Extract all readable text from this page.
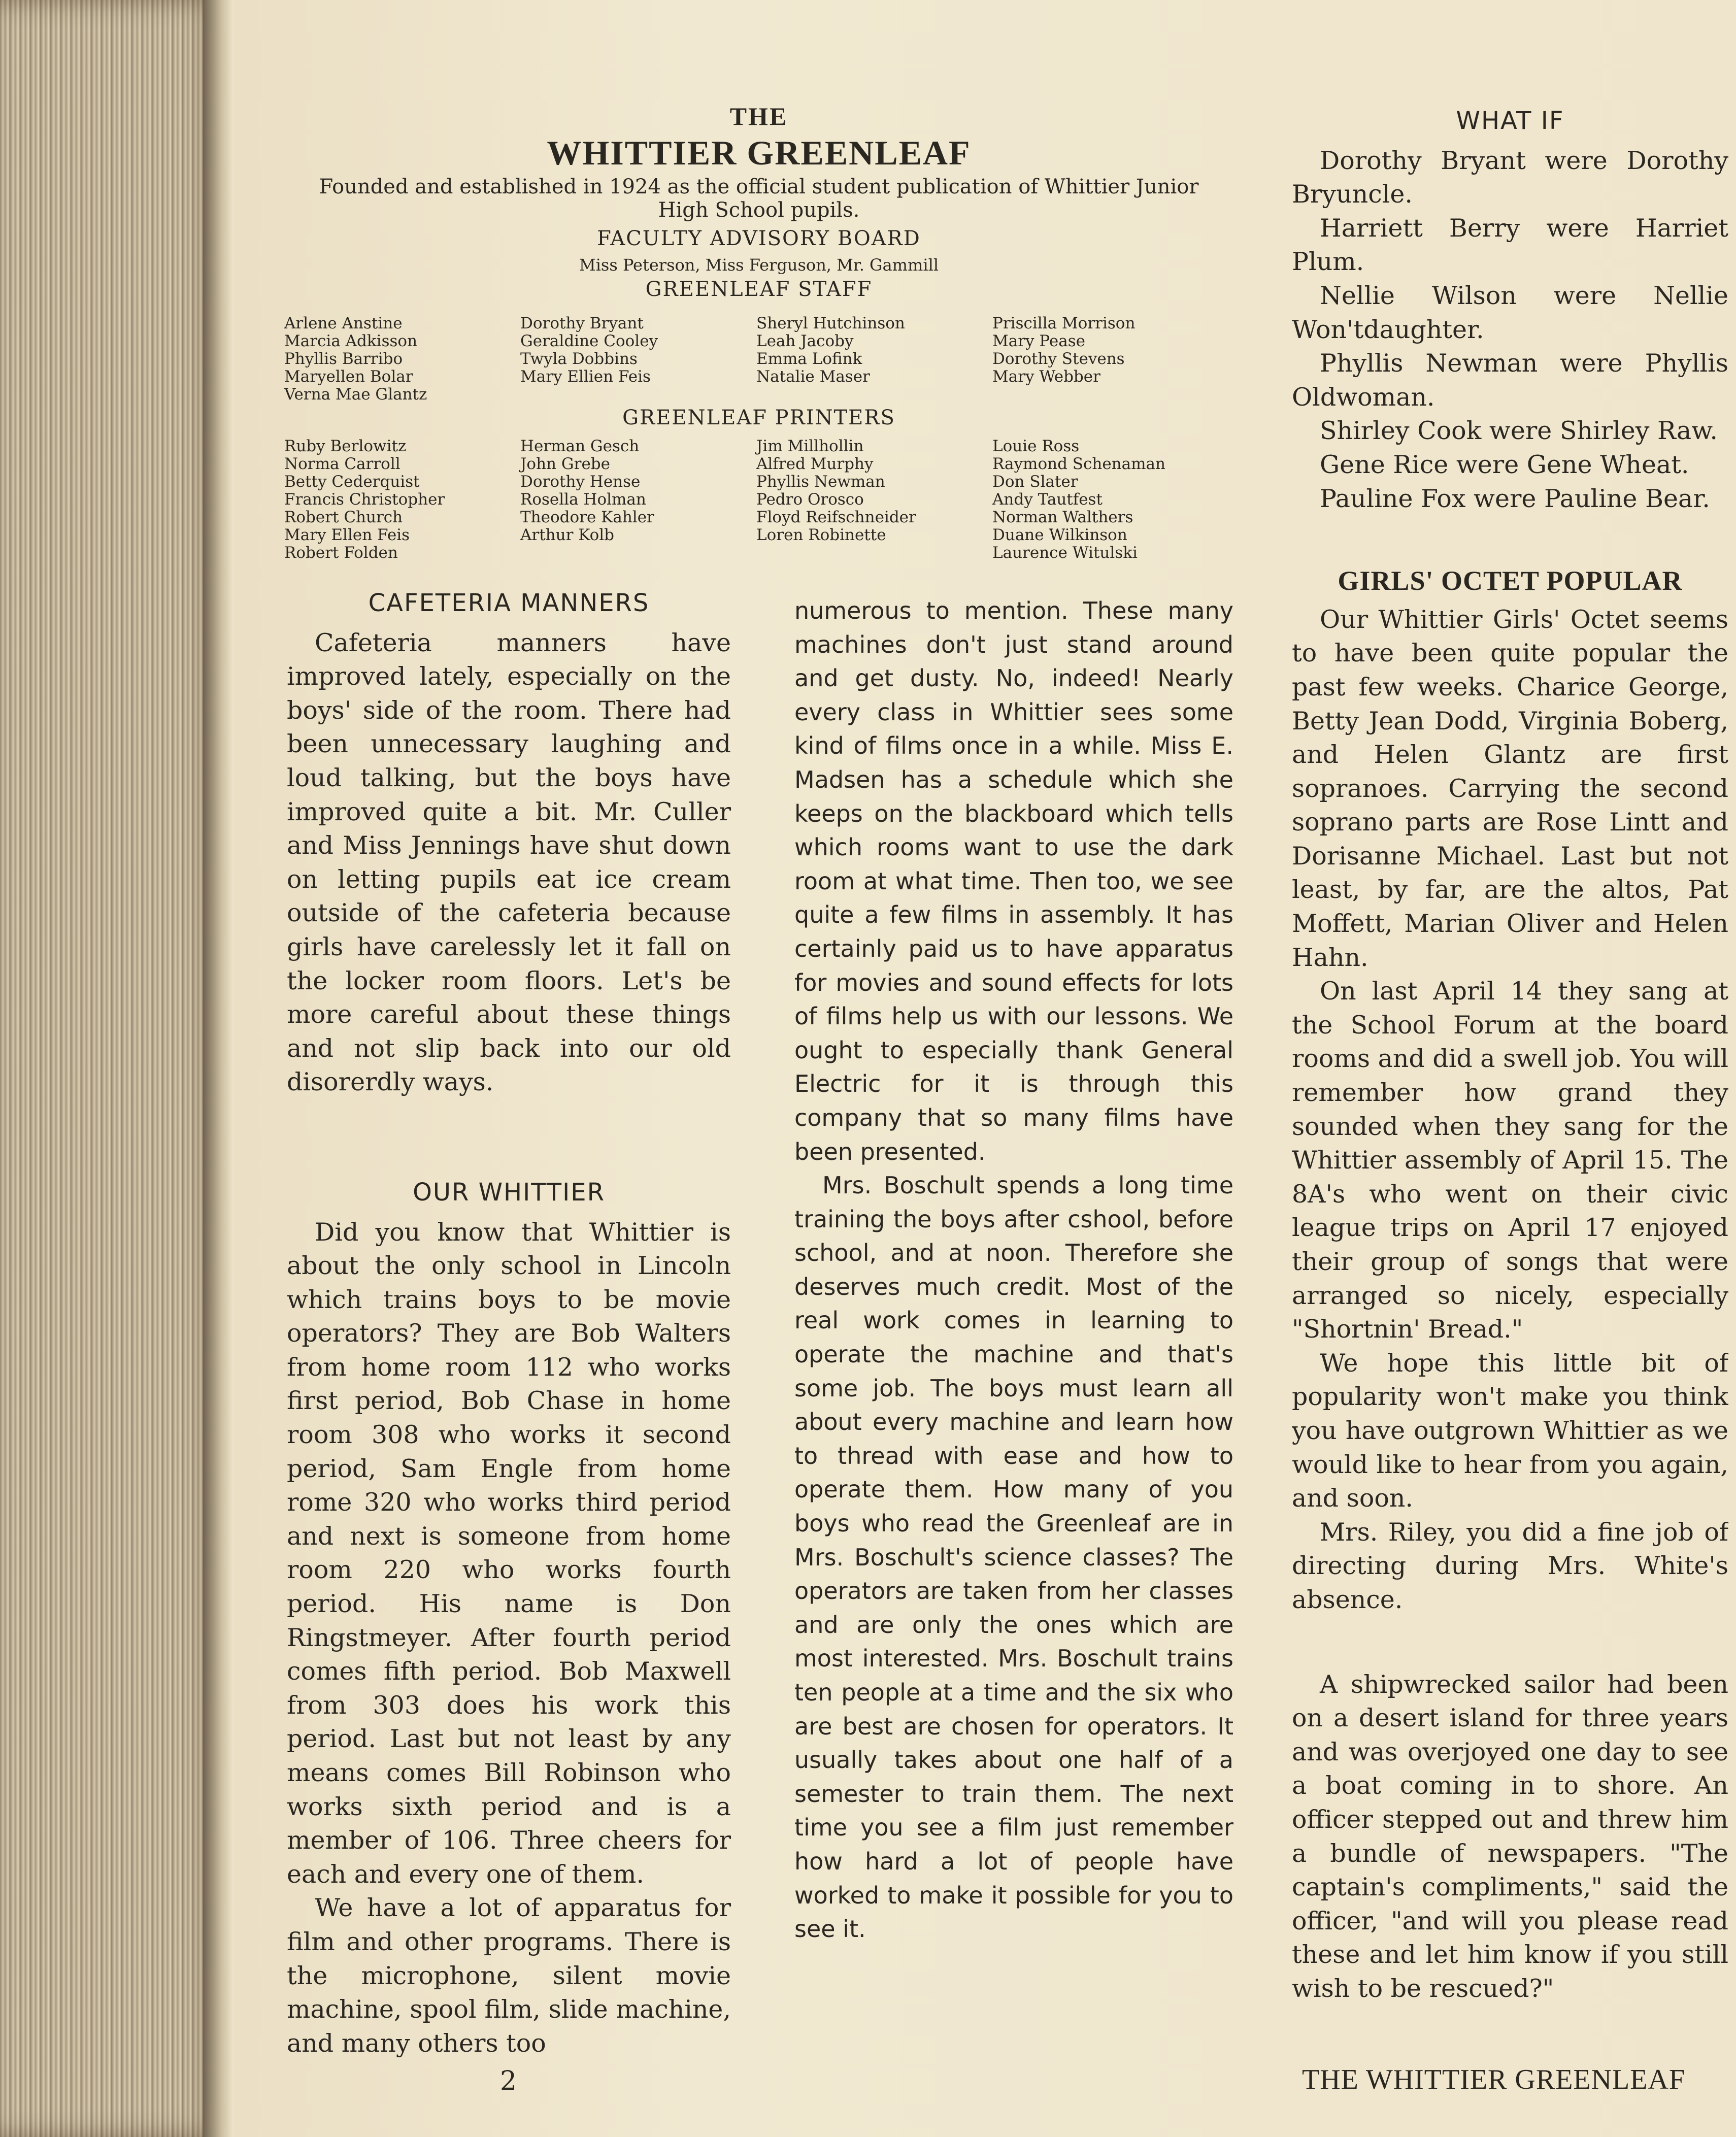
THE
WHITTIER GREENLEAF
Founded and established in 1924 as the official student publication of Whittier Junior High School pupils.
FACULTY ADVISORY BOARD
Miss Peterson, Miss Ferguson, Mr. Gammill
GREENLEAF STAFF
Arlene Anstine
Marcia Adkisson
Phyllis Barribo
Maryellen Bolar
Verna Mae Glantz
Dorothy Bryant
Geraldine Cooley
Twyla Dobbins
Mary Ellien Feis
Sheryl Hutchinson
Leah Jacoby
Emma Lofink
Natalie Maser
Priscilla Morrison
Mary Pease
Dorothy Stevens
Mary Webber
GREENLEAF PRINTERS
Ruby Berlowitz
Norma Carroll
Betty Cederquist
Francis Christopher
Robert Church
Mary Ellen Feis
Robert Folden
Herman Gesch
John Grebe
Dorothy Hense
Rosella Holman
Theodore Kahler
Arthur Kolb
Jim Millhollin
Alfred Murphy
Phyllis Newman
Pedro Orosco
Floyd Reifschneider
Loren Robinette
Louie Ross
Raymond Schenaman
Don Slater
Andy Tautfest
Norman Walthers
Duane Wilkinson
Laurence Witulski
CAFETERIA MANNERS

Cafeteria manners have improved lately, especially on the boys' side of the room. There had been unnecessary laughing and loud talking, but the boys have improved quite a bit. Mr. Culler and Miss Jennings have shut down on letting pupils eat ice cream outside of the cafeteria because girls have carelessly let it fall on the locker room floors. Let's be more careful about these things and not slip back into our old disorerdly ways.

OUR WHITTIER

Did you know that Whittier is about the only school in Lincoln which trains boys to be movie operators? They are Bob Walters from home room 112 who works first period, Bob Chase in home room 308 who works it second period, Sam Engle from home rome 320 who works third period and next is someone from home room 220 who works fourth period. His name is Don Ringstmeyer. After fourth period comes fifth period. Bob Maxwell from 303 does his work this period. Last but not least by any means comes Bill Robinson who works sixth period and is a member of 106. Three cheers for each and every one of them.

We have a lot of apparatus for film and other programs. There is the microphone, silent movie machine, spool film, slide machine, and many others too

numerous to mention. These many machines don't just stand around and get dusty. No, indeed! Nearly every class in Whittier sees some kind of films once in a while. Miss E. Madsen has a schedule which she keeps on the blackboard which tells which rooms want to use the dark room at what time. Then too, we see quite a few films in assembly. It has certainly paid us to have apparatus for movies and sound effects for lots of films help us with our lessons. We ought to especially thank General Electric for it is through this company that so many films have been presented.

Mrs. Boschult spends a long time training the boys after cshool, before school, and at noon. Therefore she deserves much credit. Most of the real work comes in learning to operate the machine and that's some job. The boys must learn all about every machine and learn how to thread with ease and how to operate them. How many of you boys who read the Greenleaf are in Mrs. Boschult's science classes? The operators are taken from her classes and are only the ones which are most interested. Mrs. Boschult trains ten people at a time and the six who are best are chosen for operators. It usually takes about one half of a semester to train them. The next time you see a film just remember how hard a lot of people have worked to make it possible for you to see it.

WHAT IF

Dorothy Bryant were Dorothy Bryuncle.

Harriett Berry were Harriet Plum.

Nellie Wilson were Nellie Won'tdaughter.

Phyllis Newman were Phyllis Oldwoman.

Shirley Cook were Shirley Raw.

Gene Rice were Gene Wheat.

Pauline Fox were Pauline Bear.

GIRLS' OCTET POPULAR

Our Whittier Girls' Octet seems to have been quite popular the past few weeks. Charice George, Betty Jean Dodd, Virginia Boberg, and Helen Glantz are first sopranoes. Carrying the second soprano parts are Rose Lintt and Dorisanne Michael. Last but not least, by far, are the altos, Pat Moffett, Marian Oliver and Helen Hahn.

On last April 14 they sang at the School Forum at the board rooms and did a swell job. You will remember how grand they sounded when they sang for the Whittier assembly of April 15. The 8A's who went on their civic league trips on April 17 enjoyed their group of songs that were arranged so nicely, especially "Shortnin' Bread."

We hope this little bit of popularity won't make you think you have outgrown Whittier as we would like to hear from you again, and soon.

Mrs. Riley, you did a fine job of directing during Mrs. White's absence.

A shipwrecked sailor had been on a desert island for three years and was overjoyed one day to see a boat coming in to shore. An officer stepped out and threw him a bundle of newspapers. "The captain's compliments," said the officer, "and will you please read these and let him know if you still wish to be rescued?"

2	THE WHITTIER GREENLEAF
